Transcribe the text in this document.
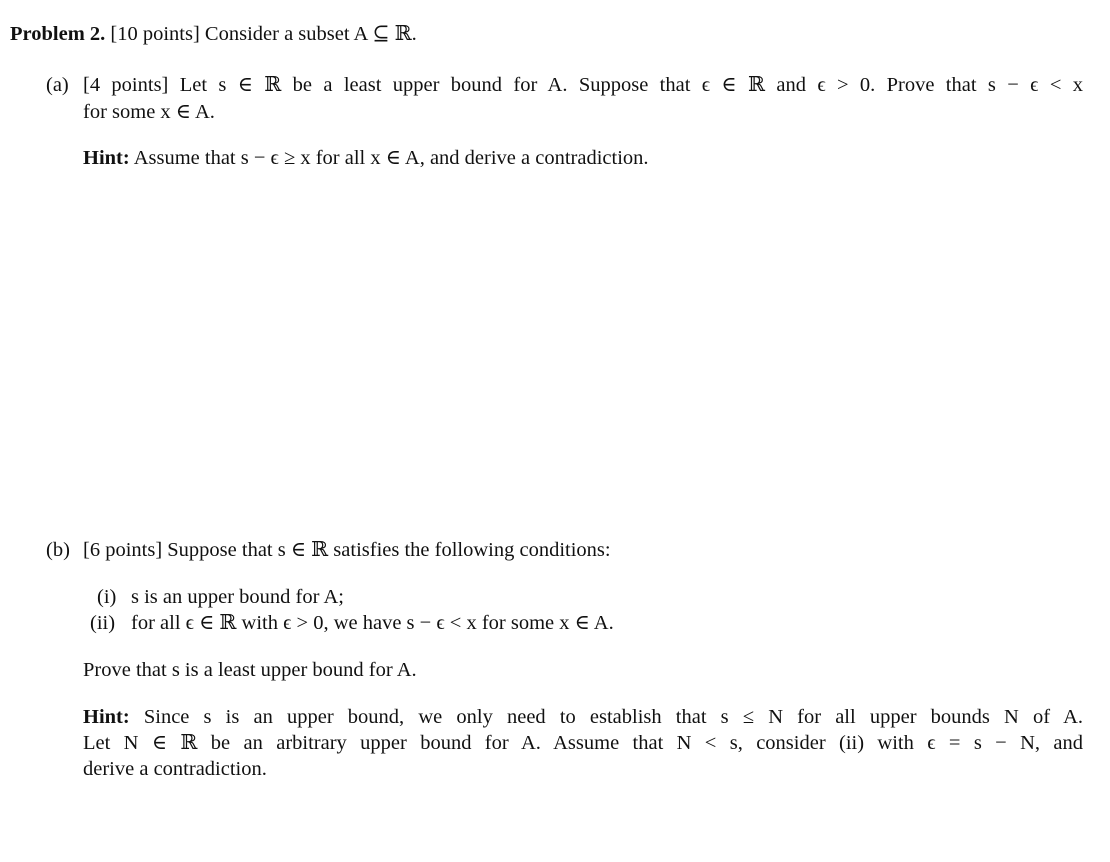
Problem 2. [10 points] Consider a subset A ⊆ ℝ.
(a) [4 points] Let s ∈ ℝ be a least upper bound for A. Suppose that ϵ ∈ ℝ and ϵ > 0. Prove that s − ϵ < x
for some x ∈ A.
Hint: Assume that s − ϵ ≥ x for all x ∈ A, and derive a contradiction.
(b) [6 points] Suppose that s ∈ ℝ satisfies the following conditions:
(i) s is an upper bound for A;
(ii) for all ϵ ∈ ℝ with ϵ > 0, we have s − ϵ < x for some x ∈ A.
Prove that s is a least upper bound for A.
Hint: Since s is an upper bound, we only need to establish that s ≤ N for all upper bounds N of A.
Let N ∈ ℝ be an arbitrary upper bound for A. Assume that N < s, consider (ii) with ϵ = s − N, and
derive a contradiction.
